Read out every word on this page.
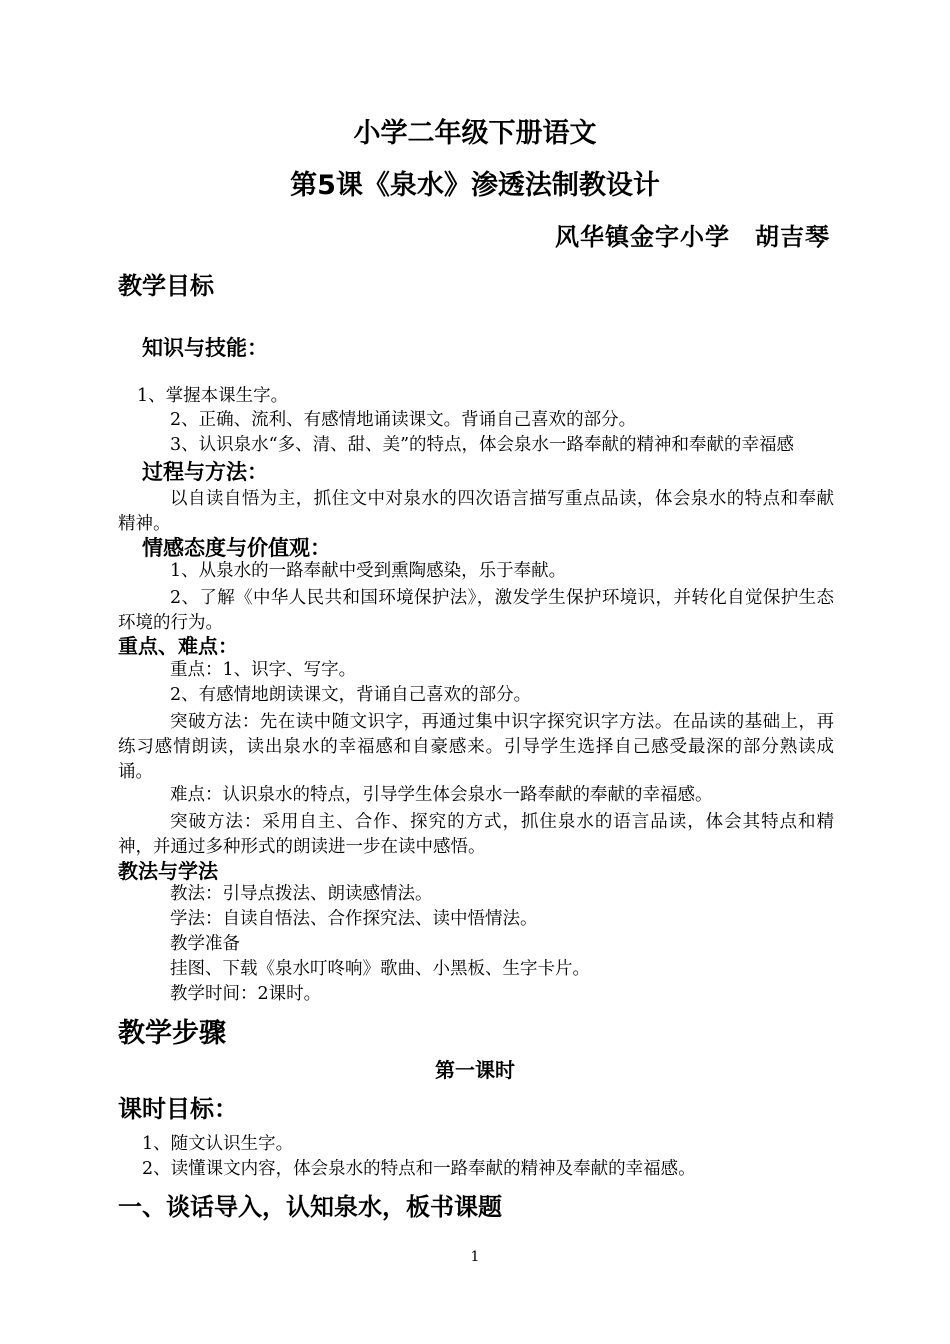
小学二年级下册语文
第5课《泉水》渗透法制教设计
风华镇金字小学　胡吉琴
教学目标
知识与技能：
1、掌握本课生字。
2、正确、流利、有感情地诵读课文。背诵自己喜欢的部分。
3、认识泉水“多、清、甜、美”的特点，体会泉水一路奉献的精神和奉献的幸福感
过程与方法：
以自读自悟为主，抓住文中对泉水的四次语言描写重点品读，体会泉水的特点和奉献精神。
情感态度与价值观：
1、从泉水的一路奉献中受到熏陶感染，乐于奉献。
2、了解《中华人民共和国环境保护法》，激发学生保护环境识，并转化自觉保护生态环境的行为。
重点、难点：
重点：1、识字、写字。
2、有感情地朗读课文，背诵自己喜欢的部分。
突破方法：先在读中随文识字，再通过集中识字探究识字方法。在品读的基础上，再练习感情朗读，读出泉水的幸福感和自豪感来。引导学生选择自己感受最深的部分熟读成诵。
难点：认识泉水的特点，引导学生体会泉水一路奉献的奉献的幸福感。
突破方法：采用自主、合作、探究的方式，抓住泉水的语言品读，体会其特点和精神，并通过多种形式的朗读进一步在读中感悟。
教法与学法
教法：引导点拨法、朗读感情法。
学法：自读自悟法、合作探究法、读中悟情法。
教学准备
挂图、下载《泉水叮咚响》歌曲、小黑板、生字卡片。
教学时间：2课时。
教学步骤
第一课时
课时目标：
1、随文认识生字。
2、读懂课文内容，体会泉水的特点和一路奉献的精神及奉献的幸福感。
一、谈话导入，认知泉水，板书课题
1
